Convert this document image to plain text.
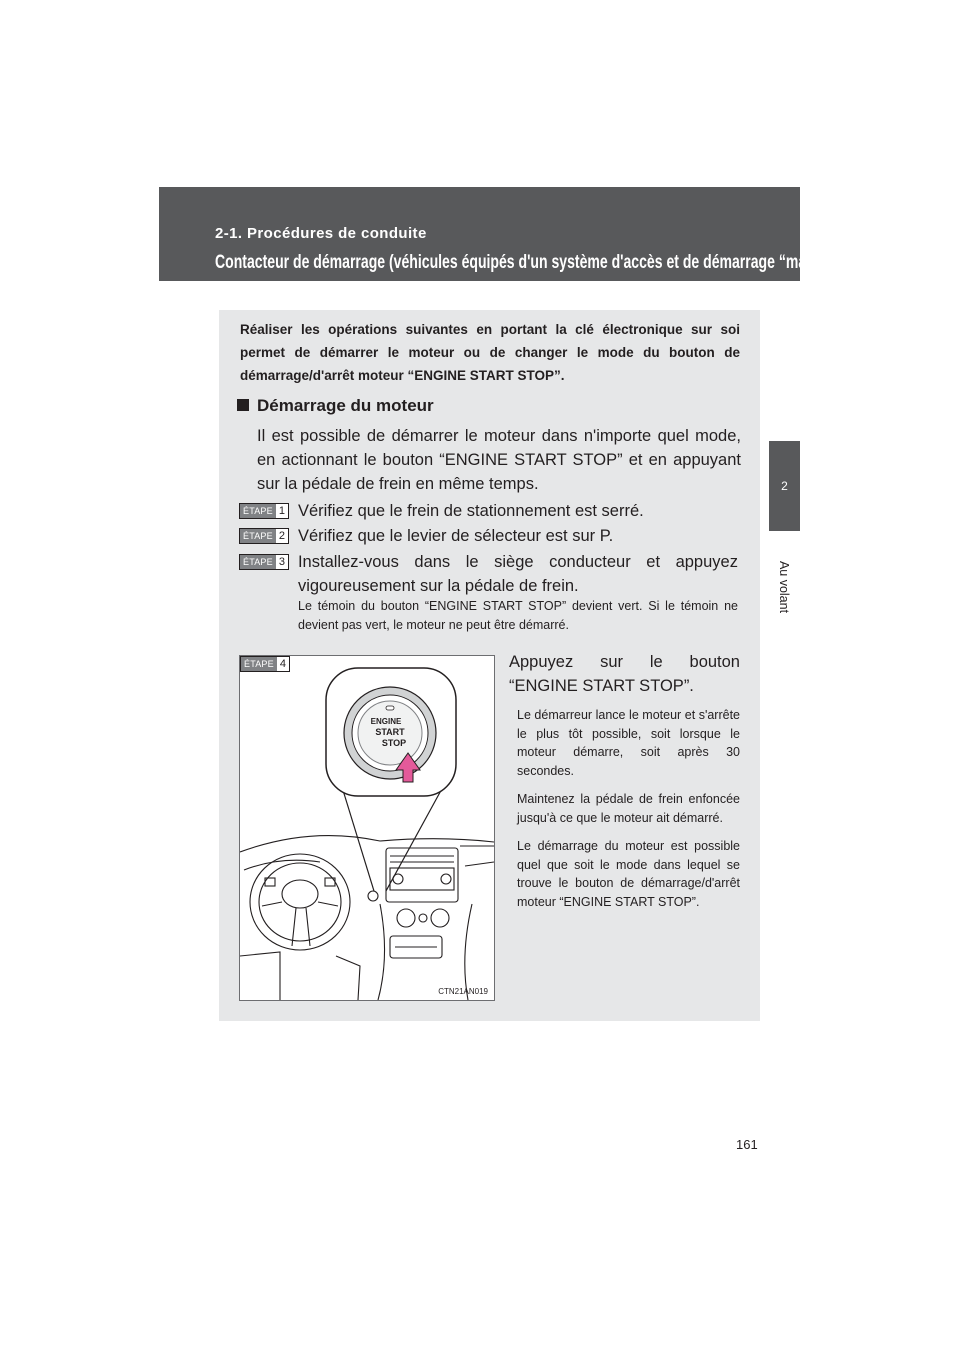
2-1. Procédures de conduite
Contacteur de démarrage (véhicules équipés d'un système d'accès et de démarrage “mains libres”)
2
Au volant
Réaliser les opérations suivantes en portant la clé électronique sur soi permet de démarrer le moteur ou de changer le mode du bouton de démarrage/d'arrêt moteur “ENGINE START STOP”.
Démarrage du moteur
Il est possible de démarrer le moteur dans n'importe quel mode, en actionnant le bouton “ENGINE START STOP” et en appuyant sur la pédale de frein en même temps.
ÉTAPE 1 Vérifiez que le frein de stationnement est serré.
ÉTAPE 2 Vérifiez que le levier de sélecteur est sur P.
ÉTAPE 3 Installez-vous dans le siège conducteur et appuyez vigoureusement sur la pédale de frein.
Le témoin du bouton “ENGINE START STOP” devient vert. Si le témoin ne devient pas vert, le moteur ne peut être démarré.
ÉTAPE 4
ENGINE
START
STOP
CTN21AN019
Appuyez sur le bouton
“ENGINE START STOP”.

Le démarreur lance le moteur et s'arrête le plus tôt possible, soit lorsque le moteur démarre, soit après 30 secondes.

Maintenez la pédale de frein enfoncée jusqu'à ce que le moteur ait démarré.

Le démarrage du moteur est possible quel que soit le mode dans lequel se trouve le bouton de démarrage/d'arrêt moteur “ENGINE START STOP”.

161
